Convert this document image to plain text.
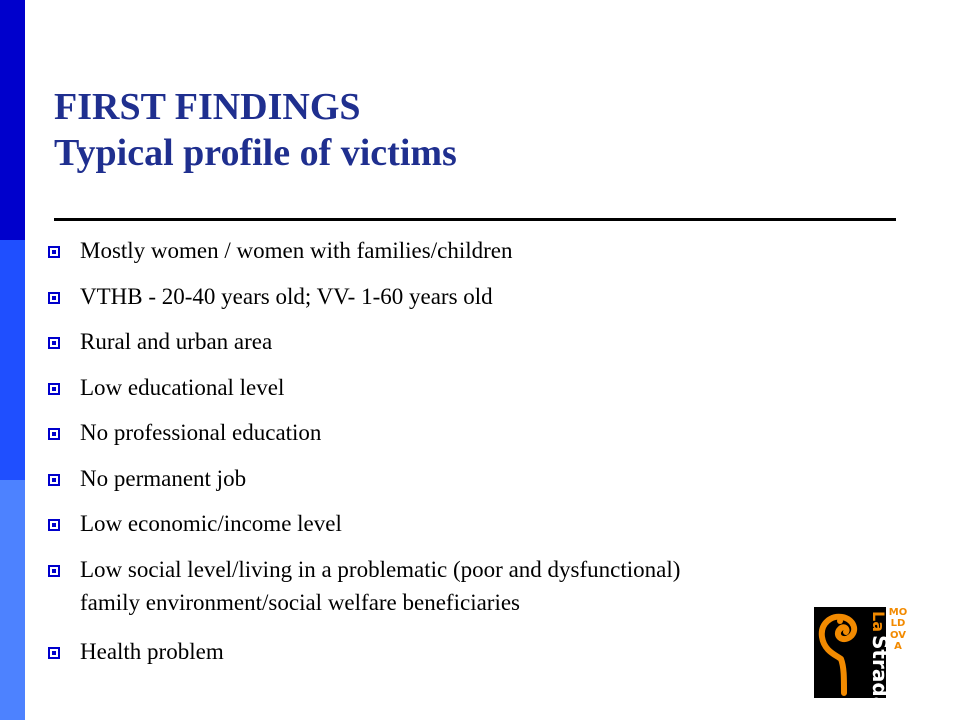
FIRST FINDINGS
Typical profile of victims
Mostly women / women with families/children
VTHB - 20-40 years old; VV- 1-60 years old
Rural and urban area
Low educational level
No professional education
No permanent job
Low economic/income level
Low social level/living in a problematic (poor and dysfunctional)
family environment/social welfare beneficiaries
Health problem
La
Strada
MOLDOVA
